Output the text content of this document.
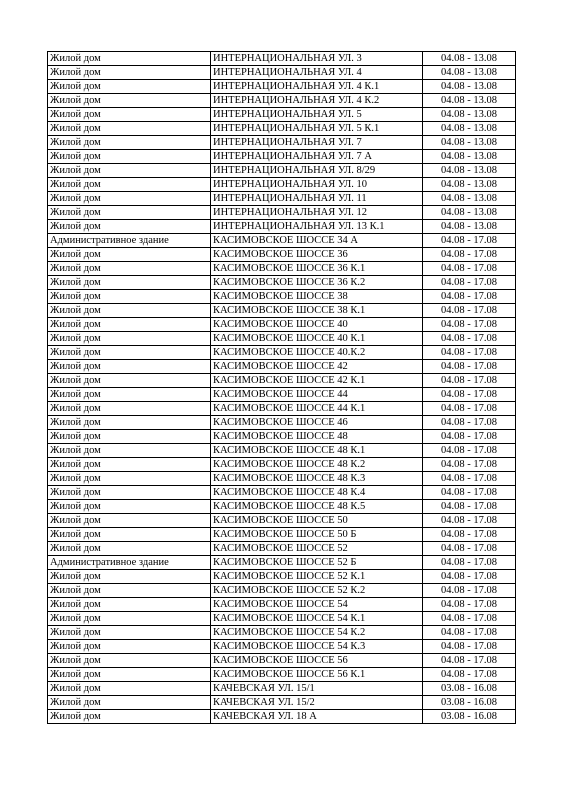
Жилой дом	ИНТЕРНАЦИОНАЛЬНАЯ УЛ. 3	04.08 - 13.08
Жилой дом	ИНТЕРНАЦИОНАЛЬНАЯ УЛ. 4	04.08 - 13.08
Жилой дом	ИНТЕРНАЦИОНАЛЬНАЯ УЛ. 4 К.1	04.08 - 13.08
Жилой дом	ИНТЕРНАЦИОНАЛЬНАЯ УЛ. 4 К.2	04.08 - 13.08
Жилой дом	ИНТЕРНАЦИОНАЛЬНАЯ УЛ. 5	04.08 - 13.08
Жилой дом	ИНТЕРНАЦИОНАЛЬНАЯ УЛ. 5 К.1	04.08 - 13.08
Жилой дом	ИНТЕРНАЦИОНАЛЬНАЯ УЛ. 7	04.08 - 13.08
Жилой дом	ИНТЕРНАЦИОНАЛЬНАЯ УЛ. 7 А	04.08 - 13.08
Жилой дом	ИНТЕРНАЦИОНАЛЬНАЯ УЛ. 8/29	04.08 - 13.08
Жилой дом	ИНТЕРНАЦИОНАЛЬНАЯ УЛ. 10	04.08 - 13.08
Жилой дом	ИНТЕРНАЦИОНАЛЬНАЯ УЛ. 11	04.08 - 13.08
Жилой дом	ИНТЕРНАЦИОНАЛЬНАЯ УЛ. 12	04.08 - 13.08
Жилой дом	ИНТЕРНАЦИОНАЛЬНАЯ УЛ. 13 К.1	04.08 - 13.08
Административное здание	КАСИМОВСКОЕ ШОССЕ 34 А	04.08 - 17.08
Жилой дом	КАСИМОВСКОЕ ШОССЕ 36	04.08 - 17.08
Жилой дом	КАСИМОВСКОЕ ШОССЕ 36 К.1	04.08 - 17.08
Жилой дом	КАСИМОВСКОЕ ШОССЕ 36 К.2	04.08 - 17.08
Жилой дом	КАСИМОВСКОЕ ШОССЕ 38	04.08 - 17.08
Жилой дом	КАСИМОВСКОЕ ШОССЕ 38 К.1	04.08 - 17.08
Жилой дом	КАСИМОВСКОЕ ШОССЕ 40	04.08 - 17.08
Жилой дом	КАСИМОВСКОЕ ШОССЕ 40 К.1	04.08 - 17.08
Жилой дом	КАСИМОВСКОЕ ШОССЕ 40.К.2	04.08 - 17.08
Жилой дом	КАСИМОВСКОЕ ШОССЕ 42	04.08 - 17.08
Жилой дом	КАСИМОВСКОЕ ШОССЕ 42 К.1	04.08 - 17.08
Жилой дом	КАСИМОВСКОЕ ШОССЕ 44	04.08 - 17.08
Жилой дом	КАСИМОВСКОЕ ШОССЕ 44 К.1	04.08 - 17.08
Жилой дом	КАСИМОВСКОЕ ШОССЕ 46	04.08 - 17.08
Жилой дом	КАСИМОВСКОЕ ШОССЕ 48	04.08 - 17.08
Жилой дом	КАСИМОВСКОЕ ШОССЕ 48 К.1	04.08 - 17.08
Жилой дом	КАСИМОВСКОЕ ШОССЕ 48 К.2	04.08 - 17.08
Жилой дом	КАСИМОВСКОЕ ШОССЕ 48 К.3	04.08 - 17.08
Жилой дом	КАСИМОВСКОЕ ШОССЕ 48 К.4	04.08 - 17.08
Жилой дом	КАСИМОВСКОЕ ШОССЕ 48 К.5	04.08 - 17.08
Жилой дом	КАСИМОВСКОЕ ШОССЕ 50	04.08 - 17.08
Жилой дом	КАСИМОВСКОЕ ШОССЕ 50 Б	04.08 - 17.08
Жилой дом	КАСИМОВСКОЕ ШОССЕ 52	04.08 - 17.08
Административное здание	КАСИМОВСКОЕ ШОССЕ 52 Б	04.08 - 17.08
Жилой дом	КАСИМОВСКОЕ ШОССЕ 52 К.1	04.08 - 17.08
Жилой дом	КАСИМОВСКОЕ ШОССЕ 52 К.2	04.08 - 17.08
Жилой дом	КАСИМОВСКОЕ ШОССЕ 54	04.08 - 17.08
Жилой дом	КАСИМОВСКОЕ ШОССЕ 54 К.1	04.08 - 17.08
Жилой дом	КАСИМОВСКОЕ ШОССЕ 54 К.2	04.08 - 17.08
Жилой дом	КАСИМОВСКОЕ ШОССЕ 54 К.3	04.08 - 17.08
Жилой дом	КАСИМОВСКОЕ ШОССЕ 56	04.08 - 17.08
Жилой дом	КАСИМОВСКОЕ ШОССЕ 56 К.1	04.08 - 17.08
Жилой дом	КАЧЕВСКАЯ УЛ. 15/1	03.08 - 16.08
Жилой дом	КАЧЕВСКАЯ УЛ. 15/2	03.08 - 16.08
Жилой дом	КАЧЕВСКАЯ УЛ. 18 А	03.08 - 16.08
